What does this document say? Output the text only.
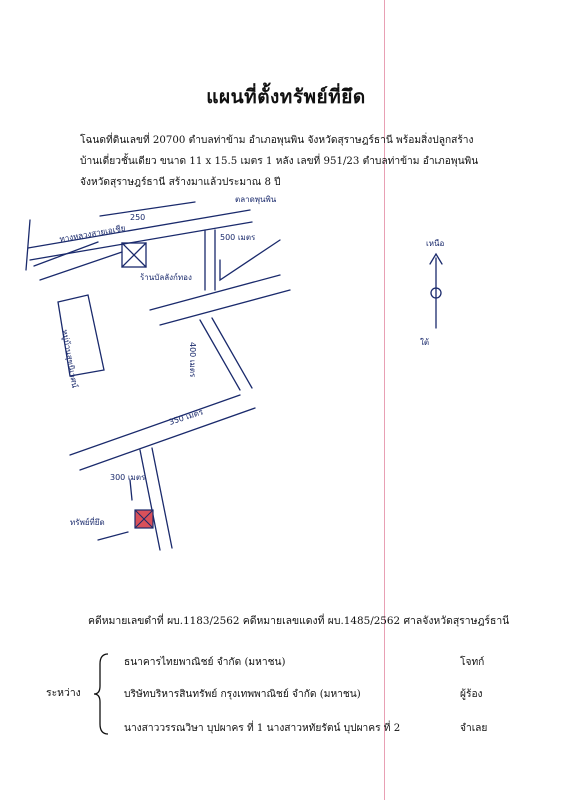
แผนที่ตั้งทรัพย์ที่ยึด
โฉนดที่ดินเลขที่ 20700 ตำบลท่าข้าม อำเภอพุนพิน จังหวัดสุราษฎร์ธานี พร้อมสิ่งปลูกสร้าง
บ้านเดี่ยวชั้นเดียว ขนาด 11 x 15.5 เมตร 1 หลัง เลขที่ 951/23 ตำบลท่าข้าม อำเภอพุนพิน
จังหวัดสุราษฎร์ธานี สร้างมาแล้วประมาณ 8 ปี
250
ตลาดพุนพิน
ทางหลวงสายเอเชีย
ร้านบัลลังก์ทอง
500 เมตร
400 เมตร
350 เมตร
300 เมตร
หมู่บ้านสุขนิเวศน์
ทรัพย์ที่ยึด
เหนือ
ใต้
คดีหมายเลขดำที่ ผบ.1183/2562 คดีหมายเลขแดงที่ ผบ.1485/2562 ศาลจังหวัดสุราษฎร์ธานี
ระหว่าง
ธนาคารไทยพาณิชย์ จำกัด (มหาชน)	โจทก์
บริษัทบริหารสินทรัพย์ กรุงเทพพาณิชย์ จำกัด (มหาชน)	ผู้ร้อง
นางสาววรรณวิษา บุปผาคร ที่ 1 นางสาวหทัยรัตน์ บุปผาคร ที่ 2	จำเลย
